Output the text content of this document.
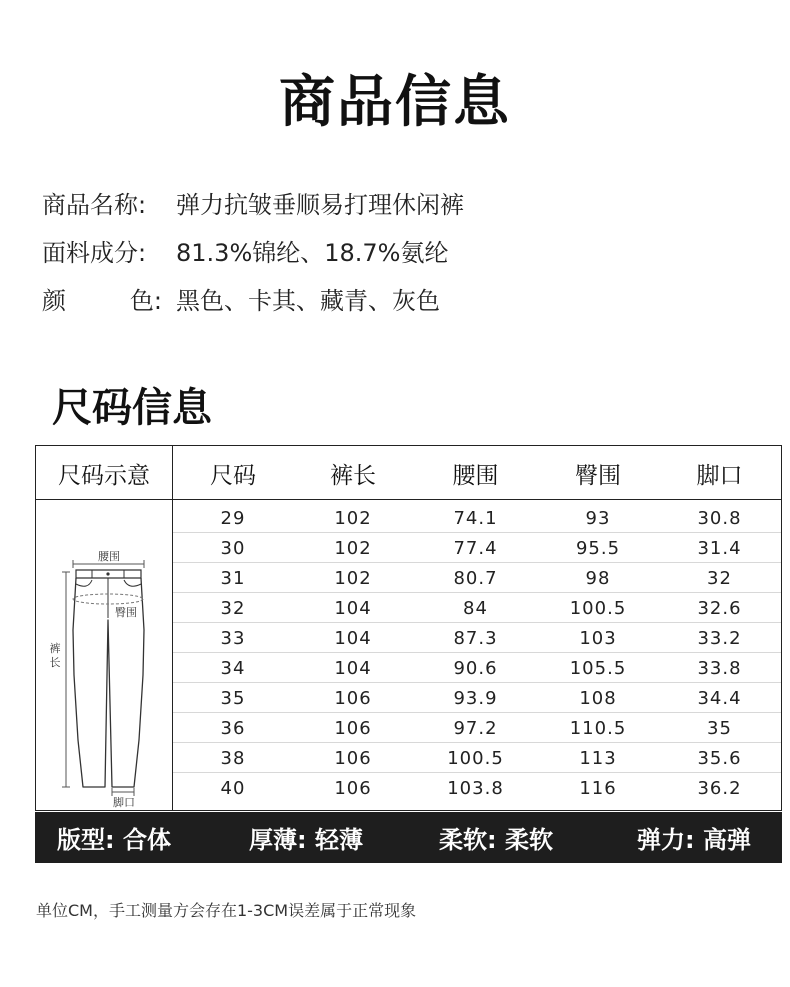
商品信息
商品名称:	弹力抗皱垂顺易打理休闲裤
面料成分:	81.3%锦纶、18.7%氨纶
颜	色: 黑色、卡其、藏青、灰色
尺码信息
尺码示意	尺码	裤长	腰围	臀围	脚口
腰围
臀围
裤
长
脚口
29	102	74.1	93	30.8
30	102	77.4	95.5	31.4
31	102	80.7	98	32
32	104	84	100.5	32.6
33	104	87.3	103	33.2
34	104	90.6	105.5	33.8
35	106	93.9	108	34.4
36	106	97.2	110.5	35
38	106	100.5	113	35.6
40	106	103.8	116	36.2
版型: 合体	厚薄: 轻薄	柔软: 柔软	弹力: 高弹
单位CM，手工测量方会存在1-3CM误差属于正常现象
